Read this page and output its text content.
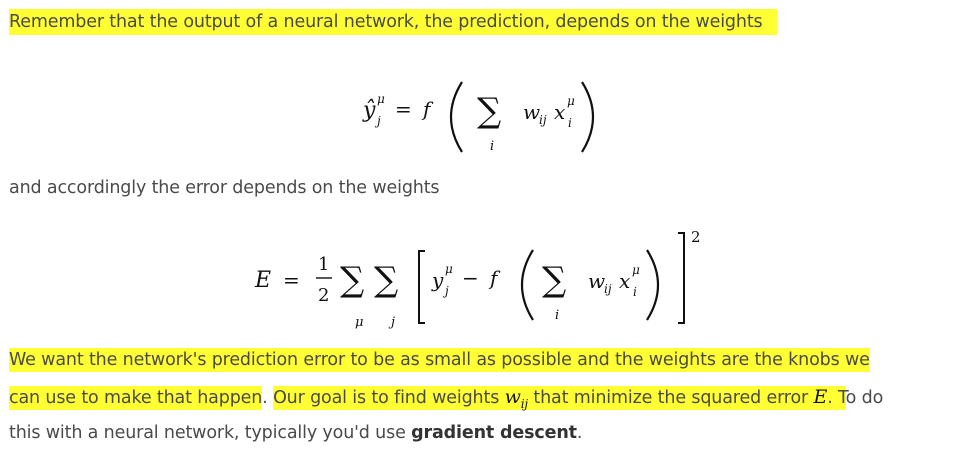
Remember that the output of a neural network, the prediction, depends on the weights
ŷ μ
j = f ∑
i
w
ij x μ
i
and accordingly the error depends on the weights
E =
1
2 ∑
μ
∑
j
y μ
j
− f ∑
i
w
ij x μ
i
2
We want the network's prediction error to be as small as possible and the weights are the knobs we
can use to make that happen. Our goal is to find weights $w_{ij}$ that minimize the squared error E. To do
this with a neural network, typically you'd use gradient descent.
